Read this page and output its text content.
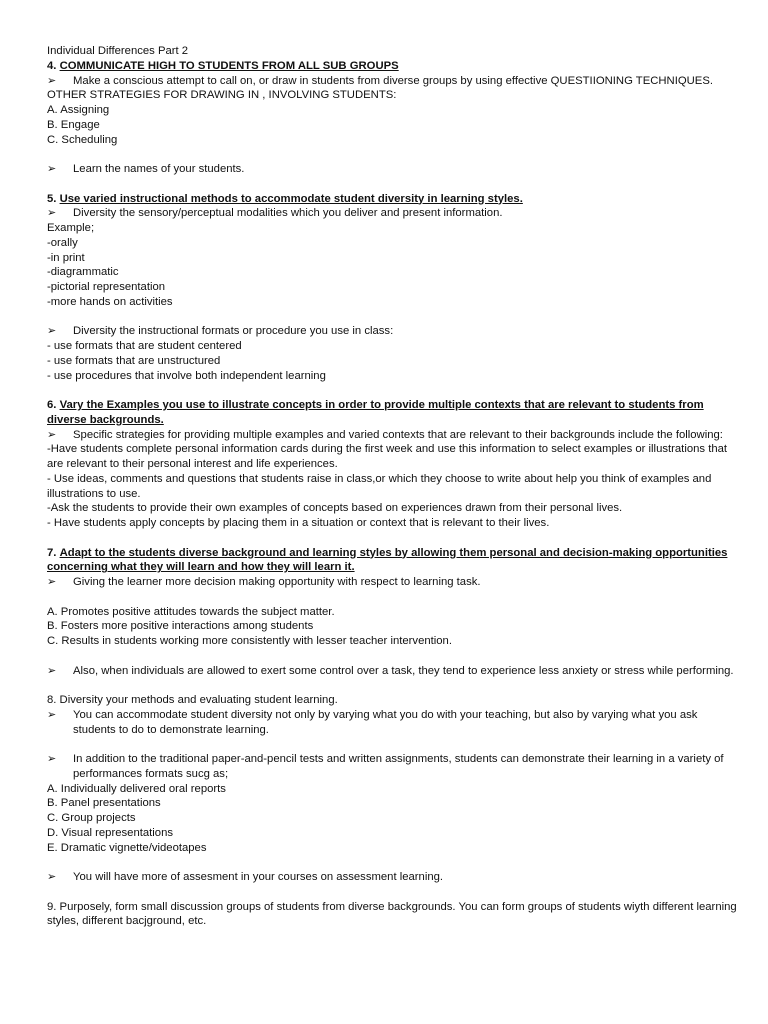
Individual Differences Part 2
4. COMMUNICATE HIGH TO STUDENTS FROM ALL SUB GROUPS
➢	Make a conscious attempt to call on, or draw in students from diverse groups by using effective QUESTIIONING TECHNIQUES.
OTHER STRATEGIES FOR DRAWING IN , INVOLVING STUDENTS:
A. Assigning
B. Engage
C. Scheduling
➢	Learn the names of your students.
5. Use varied instructional methods to accommodate student diversity in learning styles.
➢	Diversity the sensory/perceptual modalities which you deliver and present information.
Example;
-orally
-in print
-diagrammatic
-pictorial representation
-more hands on activities
➢	Diversity the instructional formats or procedure you use in class:
- use formats that are student centered
- use formats that are unstructured
- use procedures that involve both independent learning
6. Vary the Examples you use to illustrate concepts in order to provide multiple contexts that are relevant to students from diverse backgrounds.
➢	Specific strategies for providing multiple examples and varied contexts that are relevant to their backgrounds include the following:
-Have students complete personal information cards during the first week and use this information to select examples or illustrations that are relevant to their personal interest and life experiences.
- Use ideas, comments and questions that students raise in class,or which they choose to write about help you think of examples and illustrations to use.
-Ask the students to provide their own examples of concepts based on experiences drawn from their personal lives.
- Have students apply concepts by placing them in a situation or context that is relevant to their lives.
7. Adapt to the students diverse background and learning styles by allowing them personal and decision-making opportunities concerning what they will learn and how they will learn it.
➢	Giving the learner more decision making opportunity with respect to learning task.
A. Promotes positive attitudes towards the subject matter.
B. Fosters more positive interactions among students
C. Results in students working more consistently with lesser teacher intervention.
➢	Also, when individuals are allowed to exert some control over a task, they tend to experience less anxiety or stress while performing.
8. Diversity your methods and evaluating student learning.
➢	You can accommodate student diversity not only by varying what you do with your teaching, but also by varying what you ask students to do to demonstrate learning.
➢	In addition to the traditional paper-and-pencil tests and written assignments, students can demonstrate their learning in a variety of performances formats sucg as;
A. Individually delivered oral reports
B. Panel presentations
C. Group projects
D. Visual representations
E. Dramatic vignette/videotapes
➢	You will have more of assesment in your courses on assessment learning.
9. Purposely, form small discussion groups of students from diverse backgrounds. You can form groups of students wiyth different learning styles, different bacjground, etc.
